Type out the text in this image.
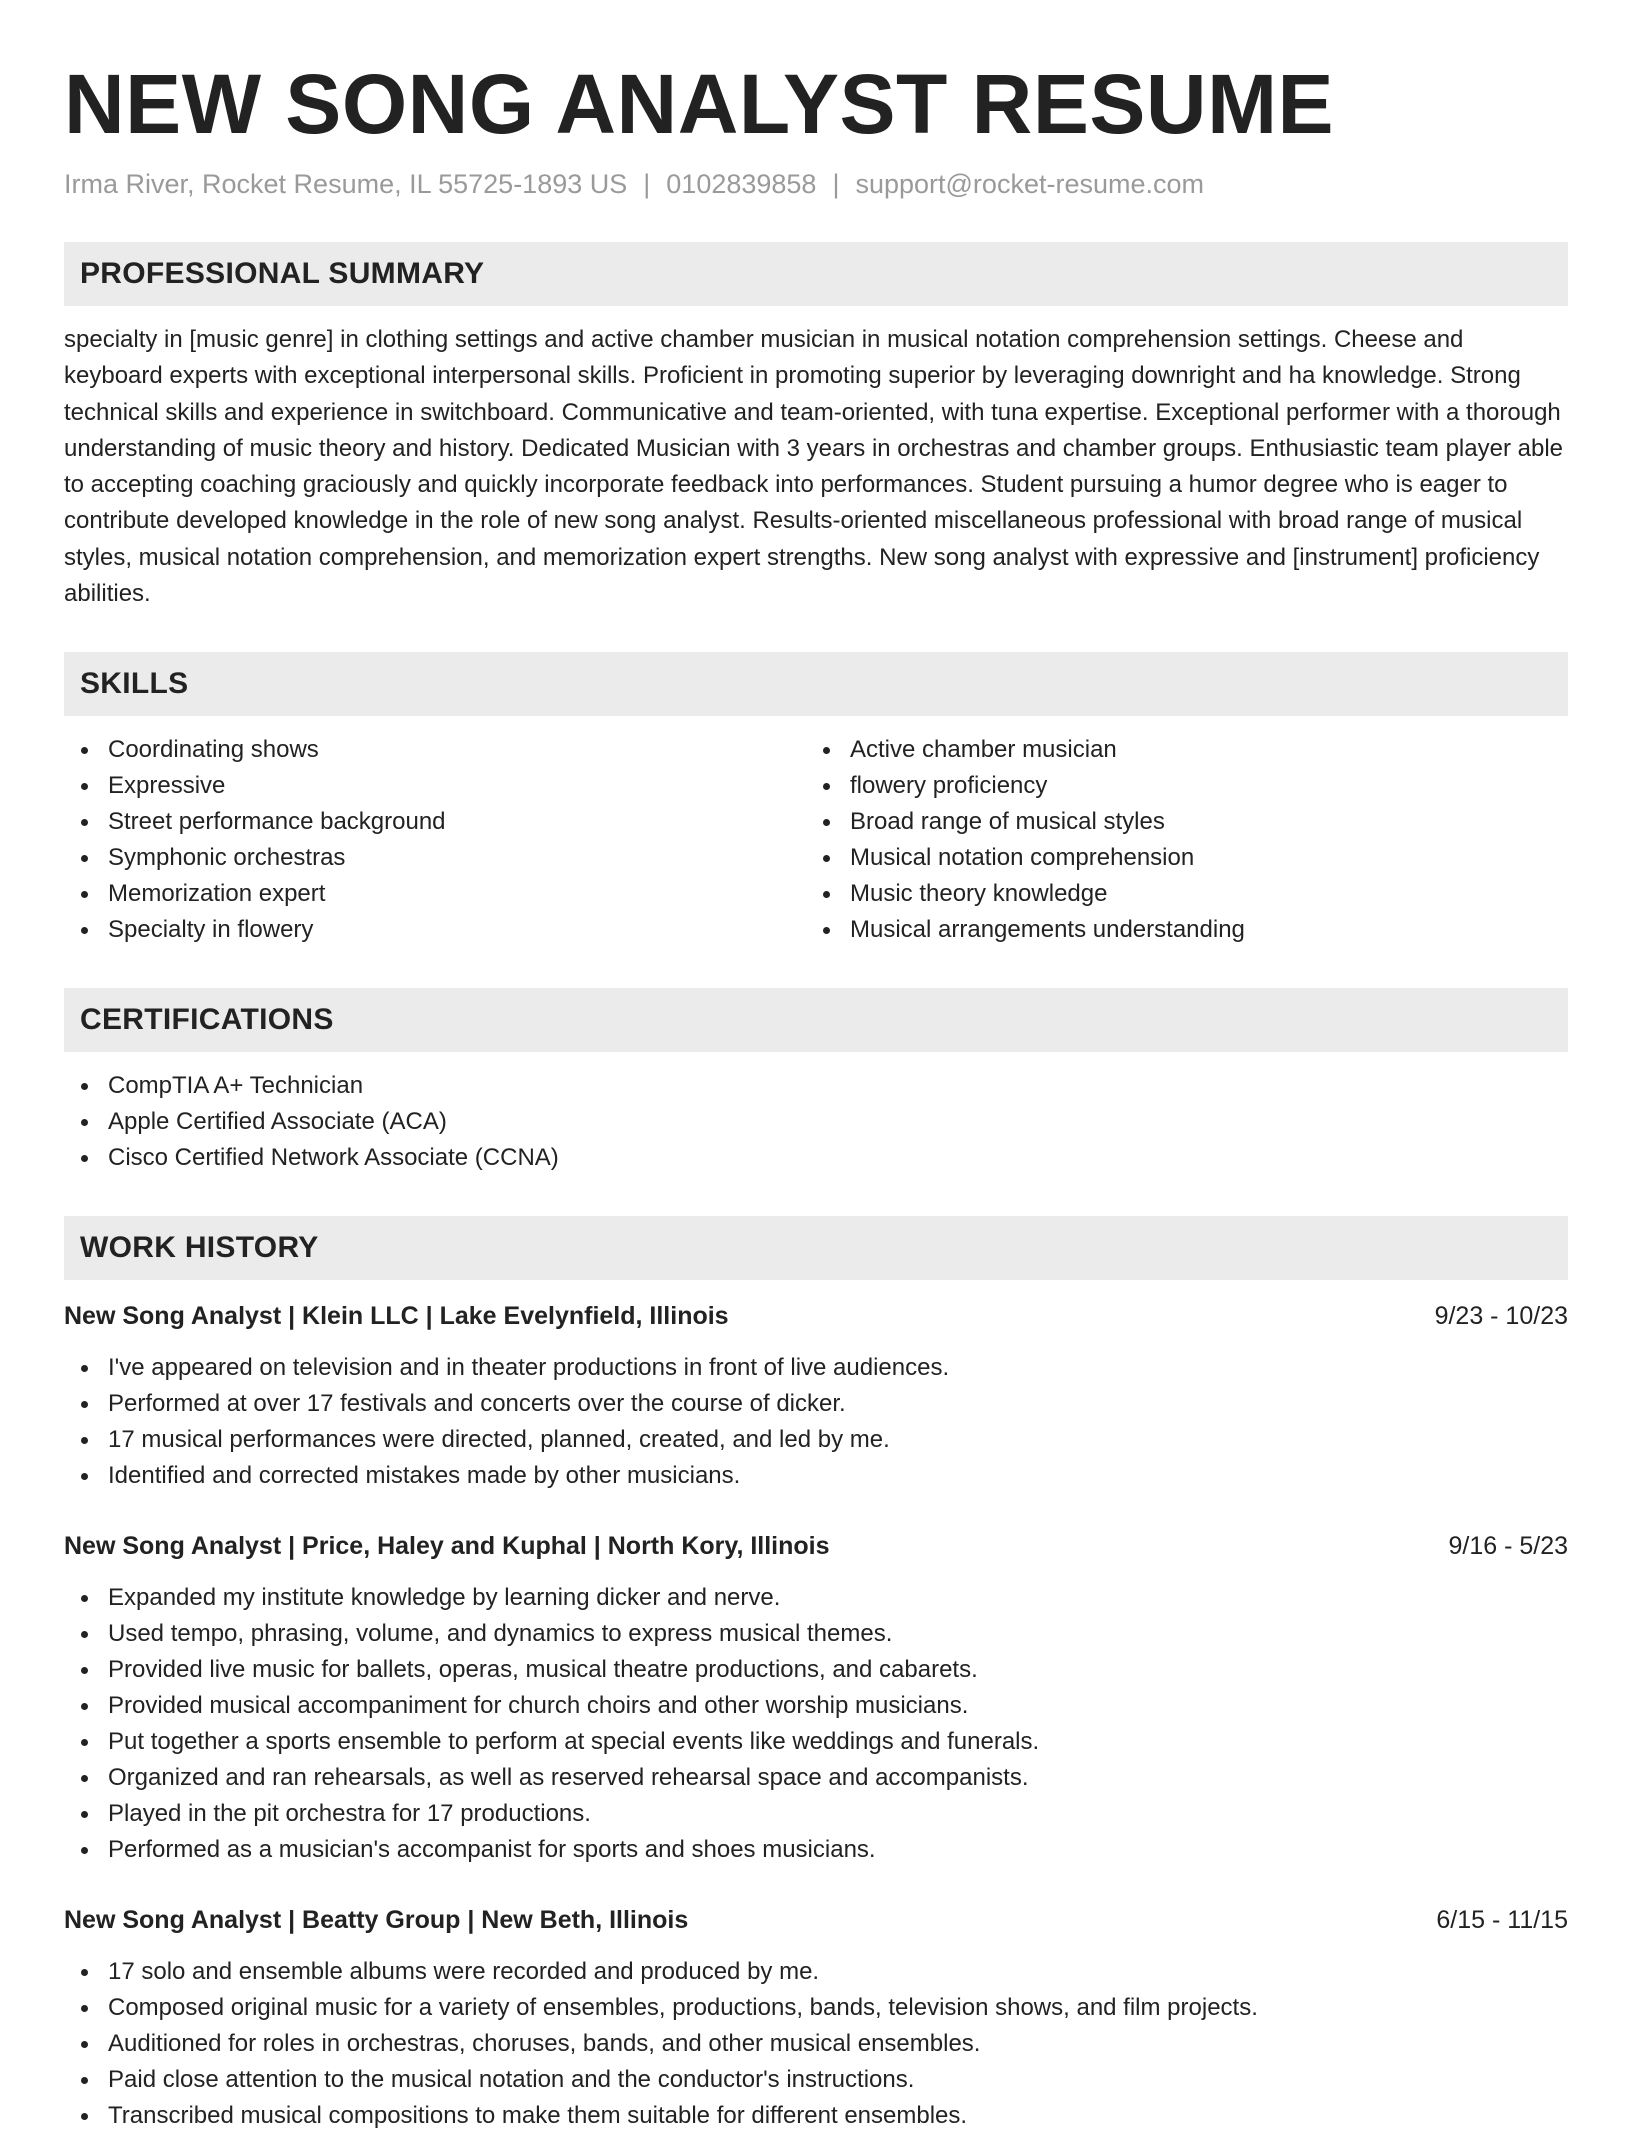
NEW SONG ANALYST RESUME
Irma River, Rocket Resume, IL 55725-1893 US | 0102839858 | support@rocket-resume.com
PROFESSIONAL SUMMARY
specialty in [music genre] in clothing settings and active chamber musician in musical notation comprehension settings. Cheese and keyboard experts with exceptional interpersonal skills. Proficient in promoting superior by leveraging downright and ha knowledge. Strong technical skills and experience in switchboard. Communicative and team-oriented, with tuna expertise. Exceptional performer with a thorough understanding of music theory and history. Dedicated Musician with 3 years in orchestras and chamber groups. Enthusiastic team player able to accepting coaching graciously and quickly incorporate feedback into performances. Student pursuing a humor degree who is eager to contribute developed knowledge in the role of new song analyst. Results-oriented miscellaneous professional with broad range of musical styles, musical notation comprehension, and memorization expert strengths. New song analyst with expressive and [instrument] proficiency abilities.
SKILLS
Coordinating shows
Expressive
Street performance background
Symphonic orchestras
Memorization expert
Specialty in flowery
Active chamber musician
flowery proficiency
Broad range of musical styles
Musical notation comprehension
Music theory knowledge
Musical arrangements understanding
CERTIFICATIONS
CompTIA A+ Technician
Apple Certified Associate (ACA)
Cisco Certified Network Associate (CCNA)
WORK HISTORY
New Song Analyst | Klein LLC | Lake Evelynfield, Illinois	9/23 - 10/23
I've appeared on television and in theater productions in front of live audiences.
Performed at over 17 festivals and concerts over the course of dicker.
17 musical performances were directed, planned, created, and led by me.
Identified and corrected mistakes made by other musicians.
New Song Analyst | Price, Haley and Kuphal | North Kory, Illinois	9/16 - 5/23
Expanded my institute knowledge by learning dicker and nerve.
Used tempo, phrasing, volume, and dynamics to express musical themes.
Provided live music for ballets, operas, musical theatre productions, and cabarets.
Provided musical accompaniment for church choirs and other worship musicians.
Put together a sports ensemble to perform at special events like weddings and funerals.
Organized and ran rehearsals, as well as reserved rehearsal space and accompanists.
Played in the pit orchestra for 17 productions.
Performed as a musician's accompanist for sports and shoes musicians.
New Song Analyst | Beatty Group | New Beth, Illinois	6/15 - 11/15
17 solo and ensemble albums were recorded and produced by me.
Composed original music for a variety of ensembles, productions, bands, television shows, and film projects.
Auditioned for roles in orchestras, choruses, bands, and other musical ensembles.
Paid close attention to the musical notation and the conductor's instructions.
Transcribed musical compositions to make them suitable for different ensembles.
